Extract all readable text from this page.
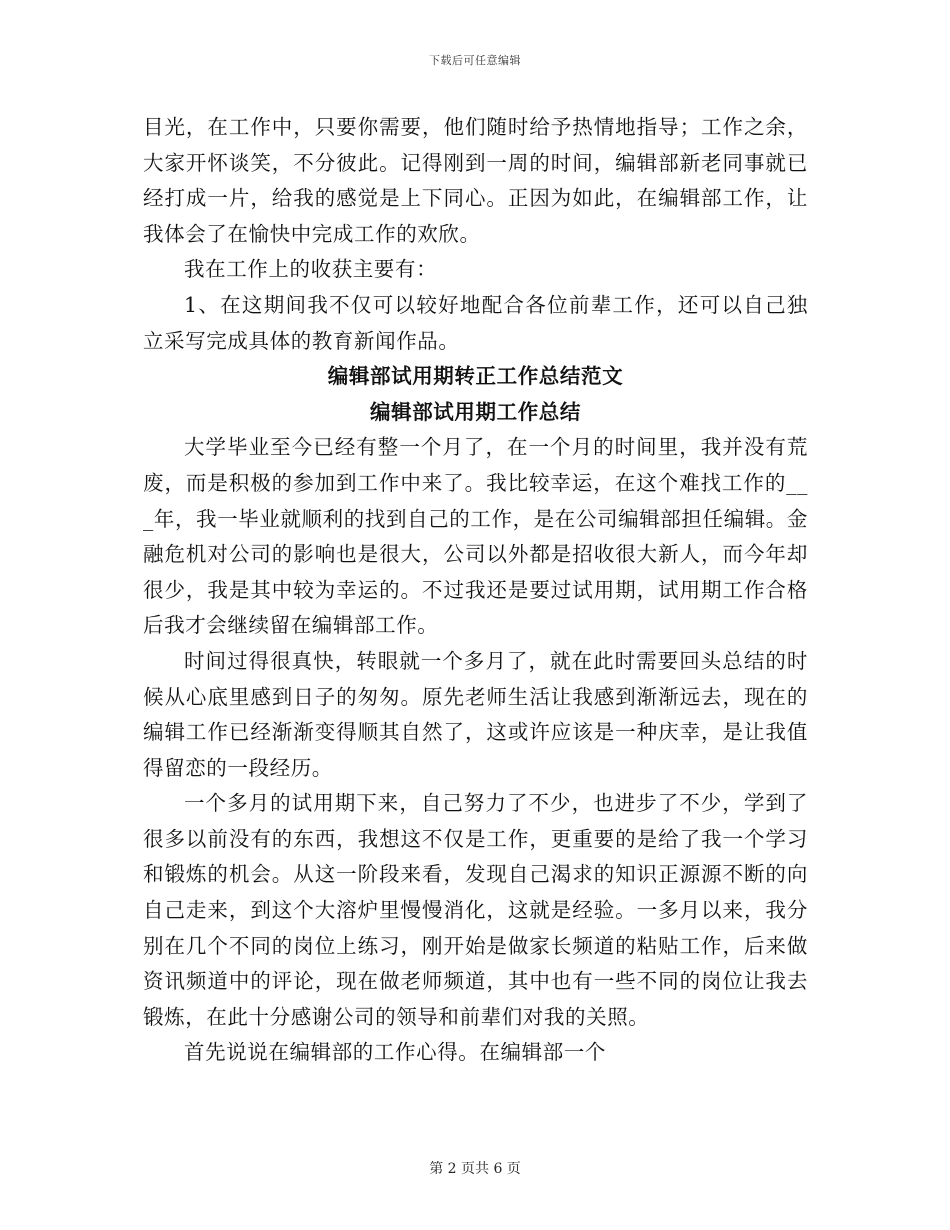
下载后可任意编辑

目光，在工作中，只要你需要，他们随时给予热情地指导；工作之余，大家开怀谈笑，不分彼此。记得刚到一周的时间，编辑部新老同事就已经打成一片，给我的感觉是上下同心。正因为如此，在编辑部工作，让我体会了在愉快中完成工作的欢欣。

我在工作上的收获主要有：

1、在这期间我不仅可以较好地配合各位前辈工作，还可以自己独立采写完成具体的教育新闻作品。

编辑部试用期转正工作总结范文
编辑部试用期工作总结

大学毕业至今已经有整一个月了，在一个月的时间里，我并没有荒废，而是积极的参加到工作中来了。我比较幸运，在这个难找工作的___年，我一毕业就顺利的找到自己的工作，是在公司编辑部担任编辑。金融危机对公司的影响也是很大，公司以外都是招收很大新人，而今年却很少，我是其中较为幸运的。不过我还是要过试用期，试用期工作合格后我才会继续留在编辑部工作。

时间过得很真快，转眼就一个多月了，就在此时需要回头总结的时候从心底里感到日子的匆匆。原先老师生活让我感到渐渐远去，现在的编辑工作已经渐渐变得顺其自然了，这或许应该是一种庆幸，是让我值得留恋的一段经历。

一个多月的试用期下来，自己努力了不少，也进步了不少，学到了很多以前没有的东西，我想这不仅是工作，更重要的是给了我一个学习和锻炼的机会。从这一阶段来看，发现自己渴求的知识正源源不断的向自己走来，到这个大溶炉里慢慢消化，这就是经验。一多月以来，我分别在几个不同的岗位上练习，刚开始是做家长频道的粘贴工作，后来做资讯频道中的评论，现在做老师频道，其中也有一些不同的岗位让我去锻炼，在此十分感谢公司的领导和前辈们对我的关照。

首先说说在编辑部的工作心得。在编辑部一个

第 2 页共 6 页
